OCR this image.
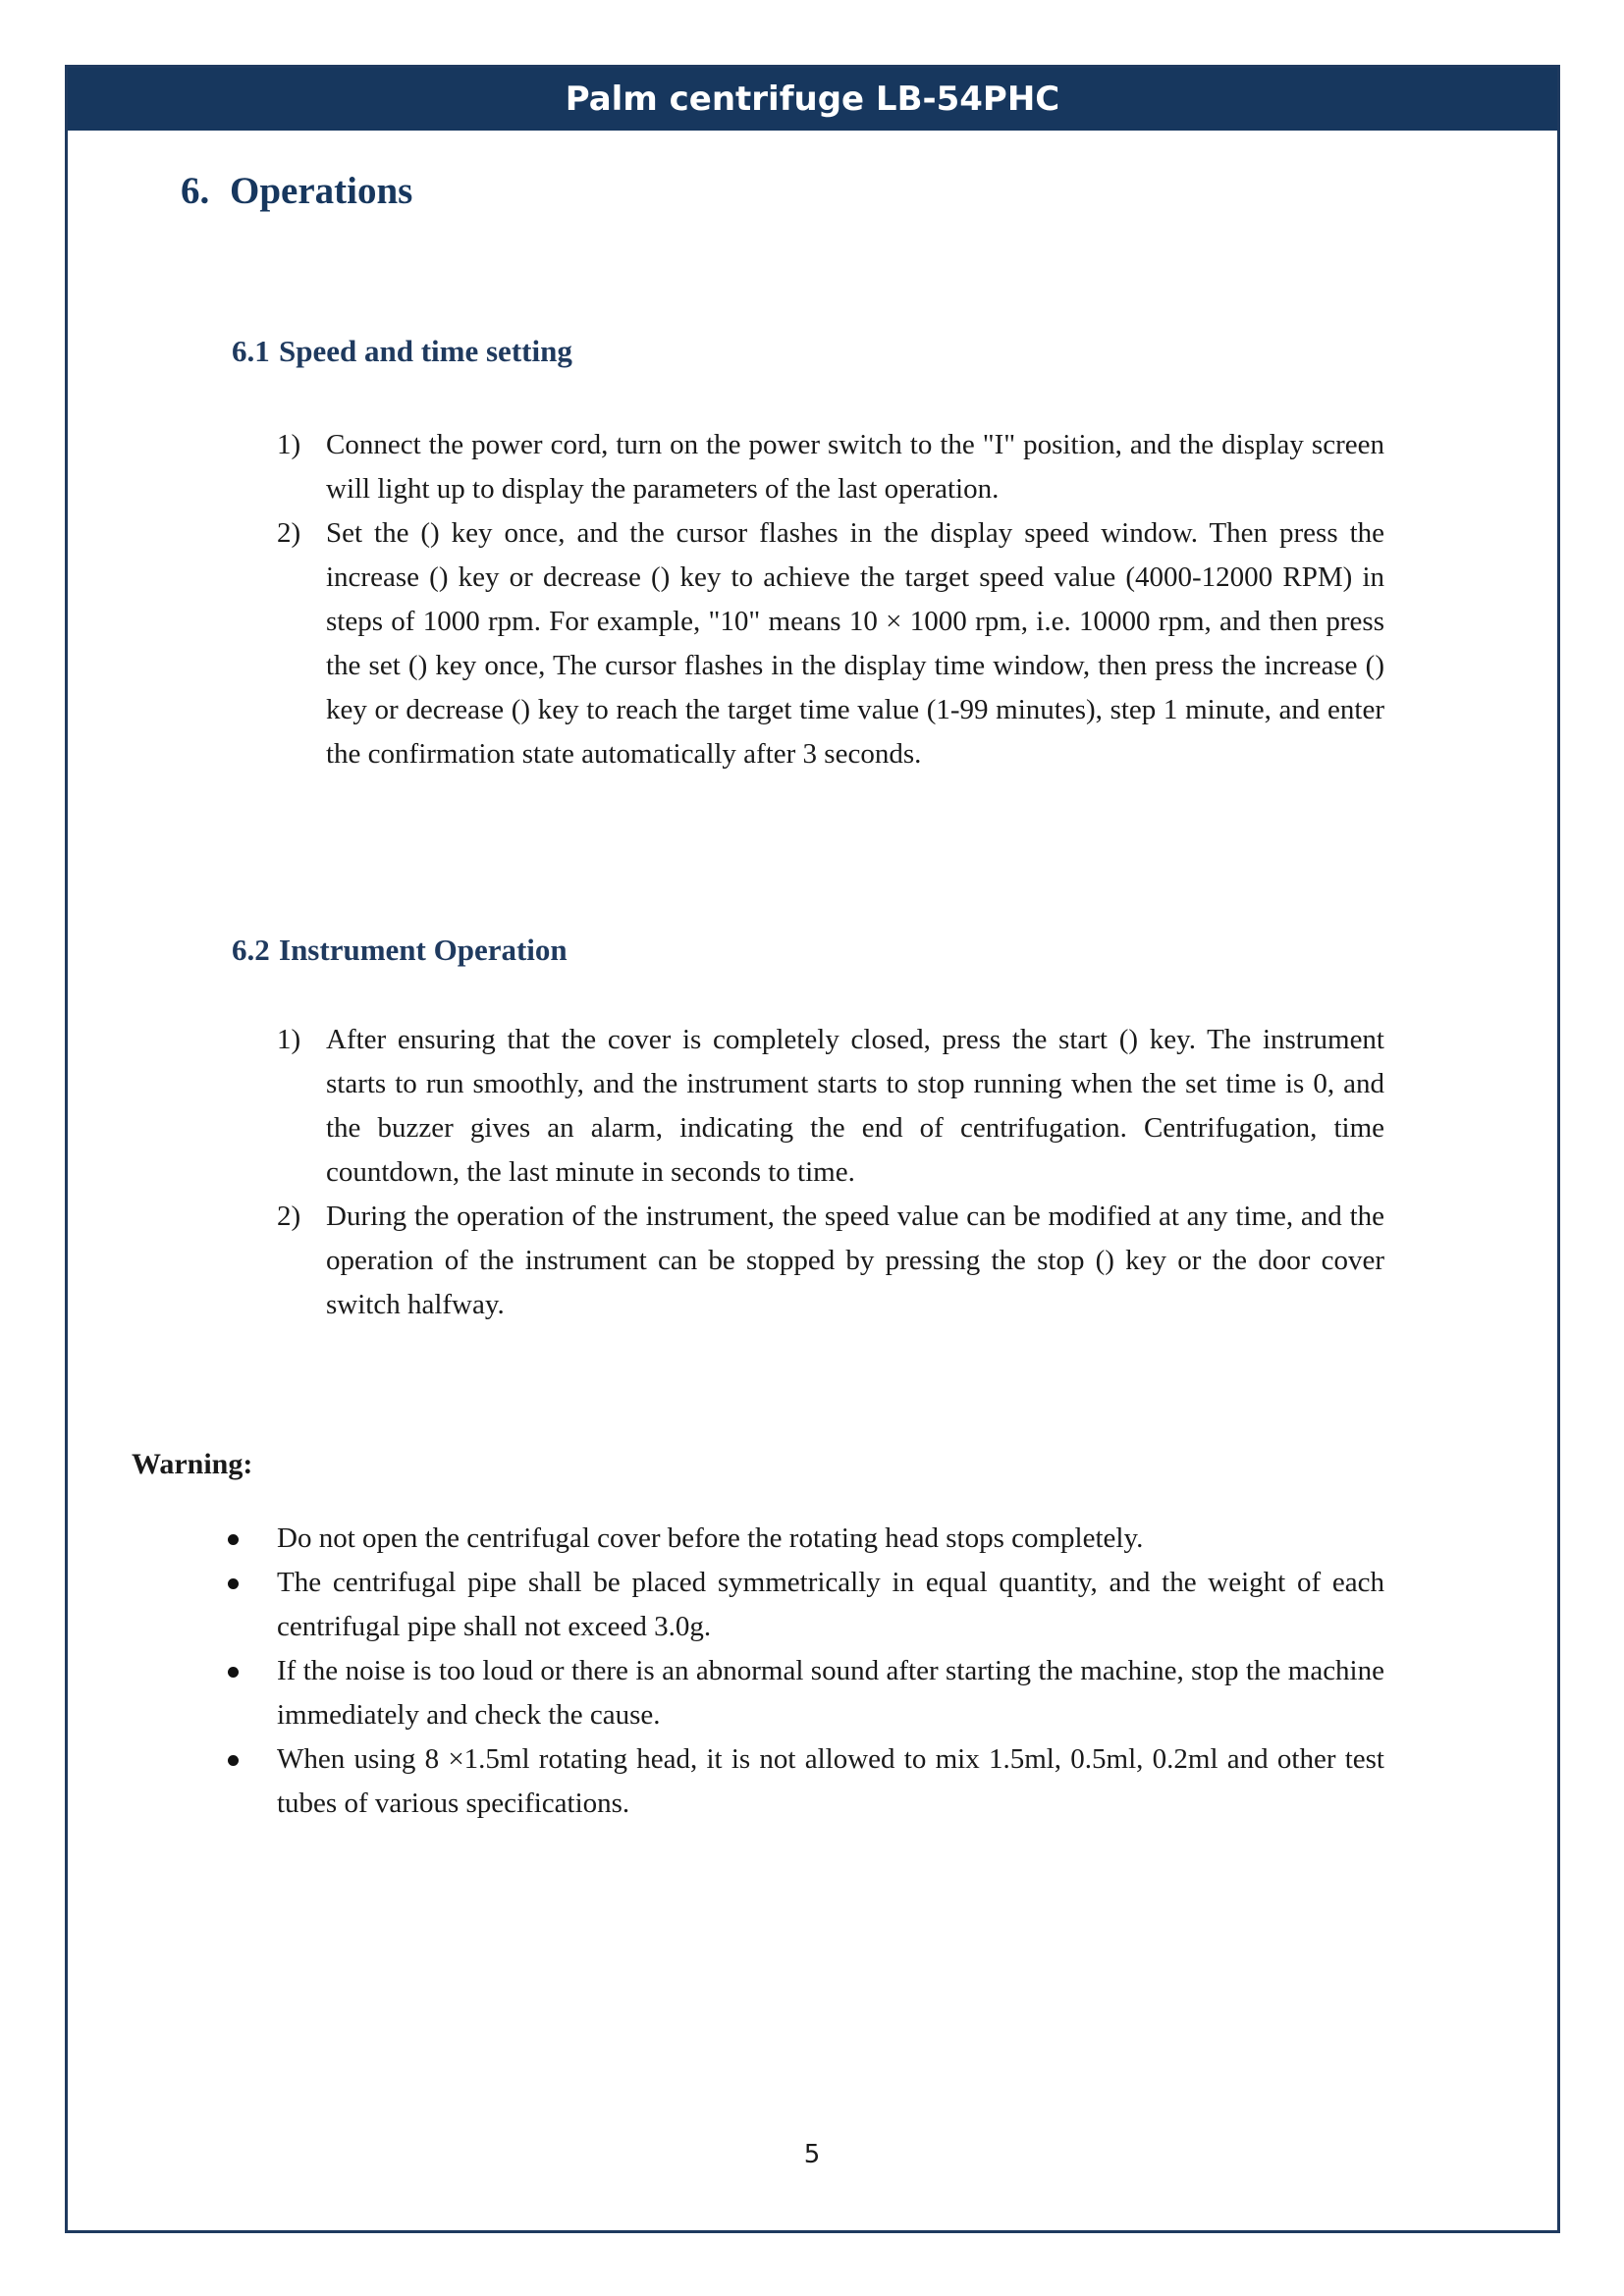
Palm centrifuge LB-54PHC
6. Operations
6.1 Speed and time setting
1) Connect the power cord, turn on the power switch to the "I" position, and the display screen will light up to display the parameters of the last operation.
2) Set the () key once, and the cursor flashes in the display speed window. Then press the increase () key or decrease () key to achieve the target speed value (4000-12000 RPM) in steps of 1000 rpm. For example, "10" means 10 × 1000 rpm, i.e. 10000 rpm, and then press the set () key once, The cursor flashes in the display time window, then press the increase () key or decrease () key to reach the target time value (1-99 minutes), step 1 minute, and enter the confirmation state automatically after 3 seconds.
6.2 Instrument Operation
1) After ensuring that the cover is completely closed, press the start () key. The instrument starts to run smoothly, and the instrument starts to stop running when the set time is 0, and the buzzer gives an alarm, indicating the end of centrifugation. Centrifugation, time countdown, the last minute in seconds to time.
2) During the operation of the instrument, the speed value can be modified at any time, and the operation of the instrument can be stopped by pressing the stop () key or the door cover switch halfway.
Warning:
Do not open the centrifugal cover before the rotating head stops completely.
The centrifugal pipe shall be placed symmetrically in equal quantity, and the weight of each centrifugal pipe shall not exceed 3.0g.
If the noise is too loud or there is an abnormal sound after starting the machine, stop the machine immediately and check the cause.
When using 8 ×1.5ml rotating head, it is not allowed to mix 1.5ml, 0.5ml, 0.2ml and other test tubes of various specifications.
5
